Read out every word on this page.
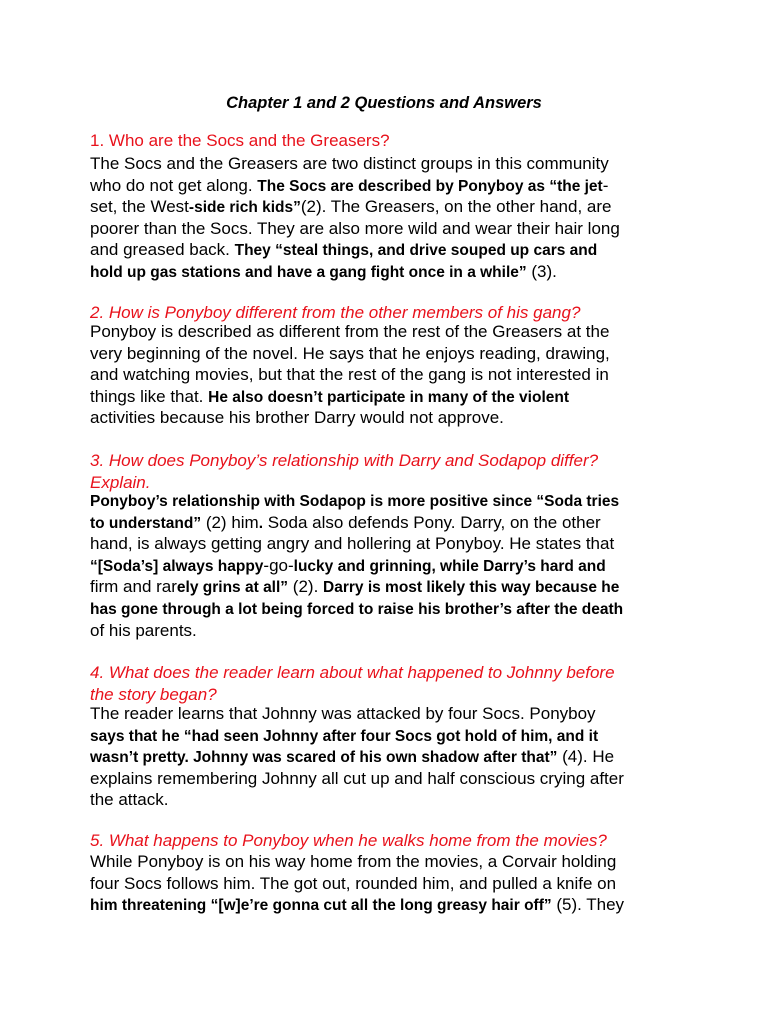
Chapter 1 and 2 Questions and Answers
1. Who are the Socs and the Greasers?
The Socs and the Greasers are two distinct groups in this community
who do not get along. The Socs are described by Ponyboy as “the jet-
set, the West-side rich kids”(2). The Greasers, on the other hand, are
poorer than the Socs. They are also more wild and wear their hair long
and greased back. They “steal things, and drive souped up cars and
hold up gas stations and have a gang fight once in a while” (3).
2. How is Ponyboy different from the other members of his gang?
Ponyboy is described as different from the rest of the Greasers at the
very beginning of the novel. He says that he enjoys reading, drawing,
and watching movies, but that the rest of the gang is not interested in
things like that. He also doesn’t participate in many of the violent
activities because his brother Darry would not approve.
3. How does Ponyboy’s relationship with Darry and Sodapop differ?
Explain.
Ponyboy’s relationship with Sodapop is more positive since “Soda tries
to understand” (2) him. Soda also defends Pony. Darry, on the other
hand, is always getting angry and hollering at Ponyboy. He states that
“[Soda’s] always happy-go-lucky and grinning, while Darry’s hard and
firm and rarely grins at all” (2). Darry is most likely this way because he
has gone through a lot being forced to raise his brother’s after the death
of his parents.
4. What does the reader learn about what happened to Johnny before
the story began?
The reader learns that Johnny was attacked by four Socs. Ponyboy
says that he “had seen Johnny after four Socs got hold of him, and it
wasn’t pretty. Johnny was scared of his own shadow after that” (4). He
explains remembering Johnny all cut up and half conscious crying after
the attack.
5. What happens to Ponyboy when he walks home from the movies?
While Ponyboy is on his way home from the movies, a Corvair holding
four Socs follows him. The got out, rounded him, and pulled a knife on
him threatening “[w]e’re gonna cut all the long greasy hair off” (5). They
